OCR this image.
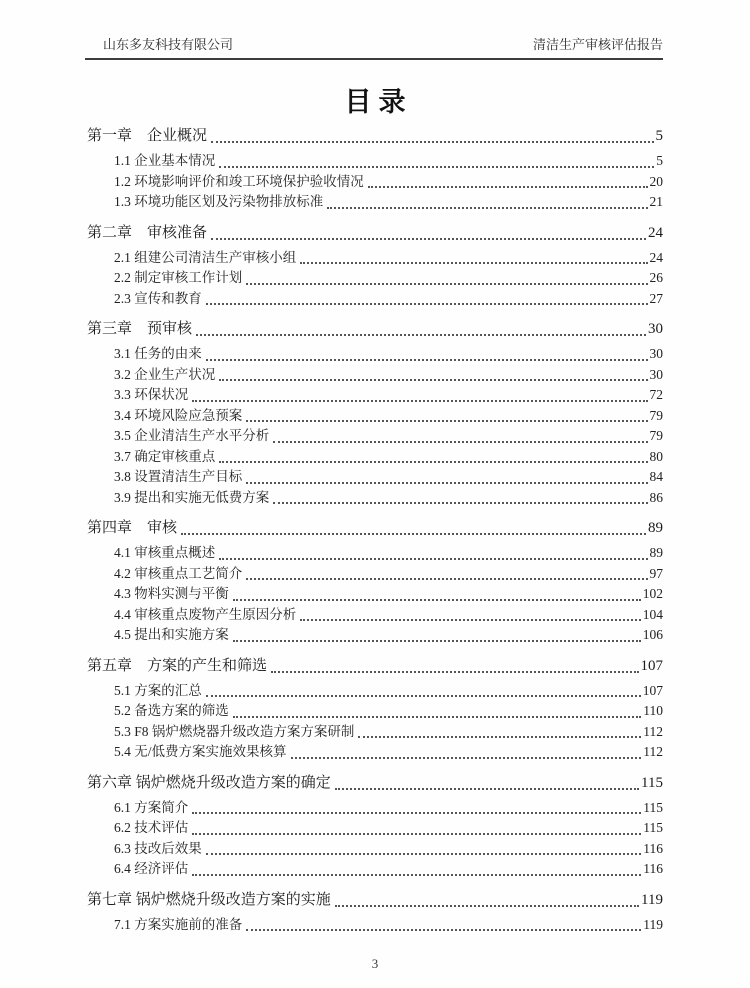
山东多友科技有限公司	清洁生产审核评估报告
目录
第一章　企业概况	5
1.1 企业基本情况	5
1.2 环境影响评价和竣工环境保护验收情况	20
1.3 环境功能区划及污染物排放标准	21
第二章　审核准备	24
2.1 组建公司清洁生产审核小组	24
2.2 制定审核工作计划	26
2.3 宣传和教育	27
第三章　预审核	30
3.1 任务的由来	30
3.2 企业生产状况	30
3.3 环保状况	72
3.4 环境风险应急预案	79
3.5 企业清洁生产水平分析	79
3.7 确定审核重点	80
3.8 设置清洁生产目标	84
3.9 提出和实施无低费方案	86
第四章　审核	89
4.1 审核重点概述	89
4.2 审核重点工艺简介	97
4.3 物料实测与平衡	102
4.4 审核重点废物产生原因分析	104
4.5 提出和实施方案	106
第五章　方案的产生和筛选	107
5.1 方案的汇总	107
5.2 备选方案的筛选	110
5.3 F8 锅炉燃烧器升级改造方案方案研制	112
5.4 无/低费方案实施效果核算	112
第六章 锅炉燃烧升级改造方案的确定	115
6.1 方案简介	115
6.2 技术评估	115
6.3 技改后效果	116
6.4 经济评估	116
第七章 锅炉燃烧升级改造方案的实施	119
7.1 方案实施前的准备	119
3
